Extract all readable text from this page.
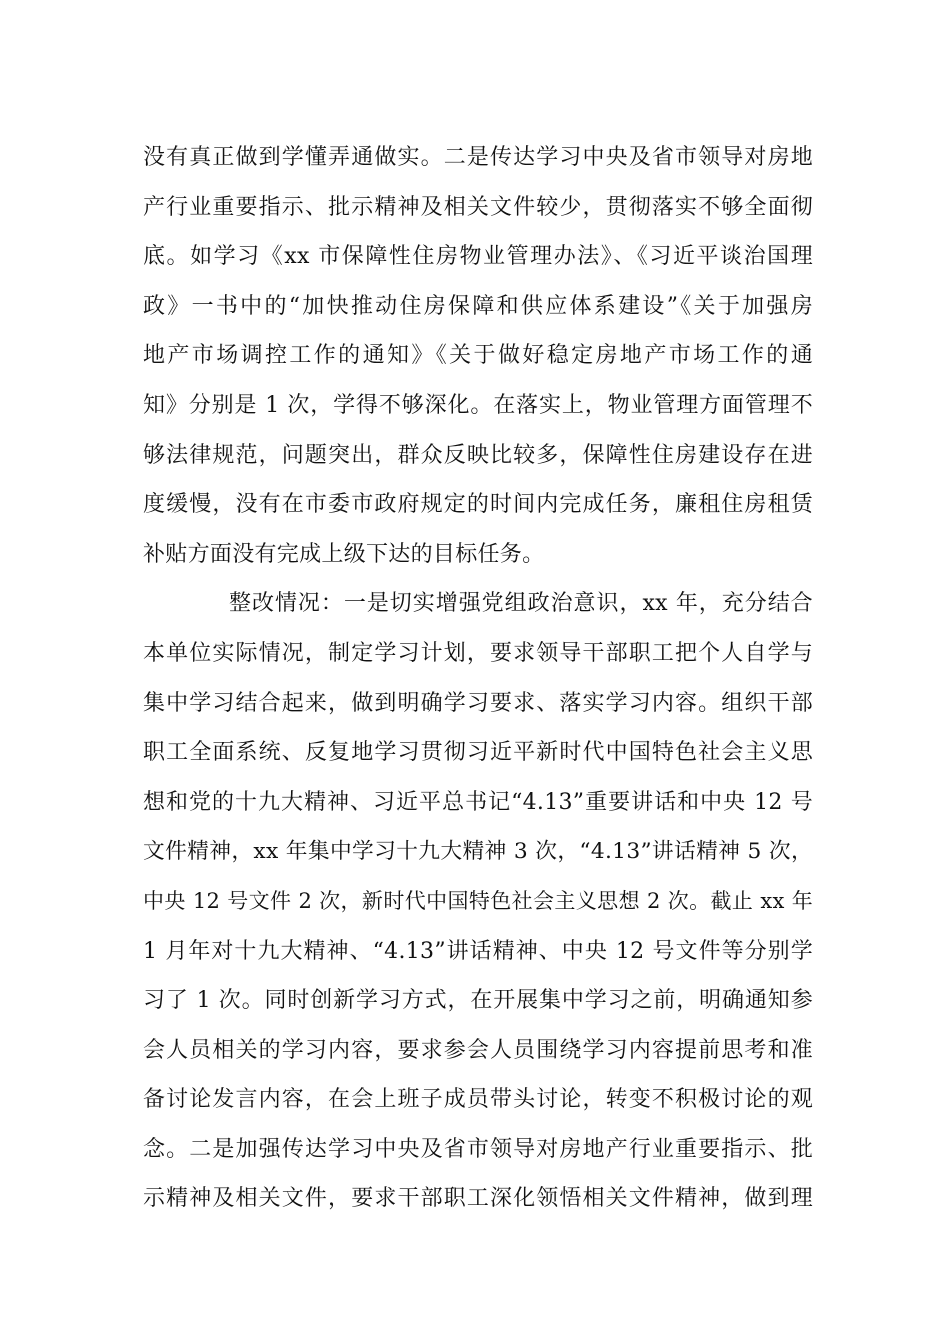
没有真正做到学懂弄通做实。二是传达学习中央及省市领导对房地
产行业重要指示、批示精神及相关文件较少，贯彻落实不够全面彻
底。如学习《xx 市保障性住房物业管理办法》、《习近平谈治国理
政》一书中的“加快推动住房保障和供应体系建设”《关于加强房
地产市场调控工作的通知》《关于做好稳定房地产市场工作的通
知》分别是 1 次，学得不够深化。在落实上，物业管理方面管理不
够法律规范，问题突出，群众反映比较多，保障性住房建设存在进
度缓慢，没有在市委市政府规定的时间内完成任务，廉租住房租赁
补贴方面没有完成上级下达的目标任务。
整改情况：一是切实增强党组政治意识，xx 年，充分结合
本单位实际情况，制定学习计划，要求领导干部职工把个人自学与
集中学习结合起来，做到明确学习要求、落实学习内容。组织干部
职工全面系统、反复地学习贯彻习近平新时代中国特色社会主义思
想和党的十九大精神、习近平总书记“4.13”重要讲话和中央 12 号
文件精神，xx 年集中学习十九大精神 3 次，“4.13”讲话精神 5 次，
中央 12 号文件 2 次，新时代中国特色社会主义思想 2 次。截止 xx 年
1 月年对十九大精神、“4.13”讲话精神、中央 12 号文件等分别学
习了 1 次。同时创新学习方式，在开展集中学习之前，明确通知参
会人员相关的学习内容，要求参会人员围绕学习内容提前思考和准
备讨论发言内容，在会上班子成员带头讨论，转变不积极讨论的观
念。二是加强传达学习中央及省市领导对房地产行业重要指示、批
示精神及相关文件，要求干部职工深化领悟相关文件精神，做到理
